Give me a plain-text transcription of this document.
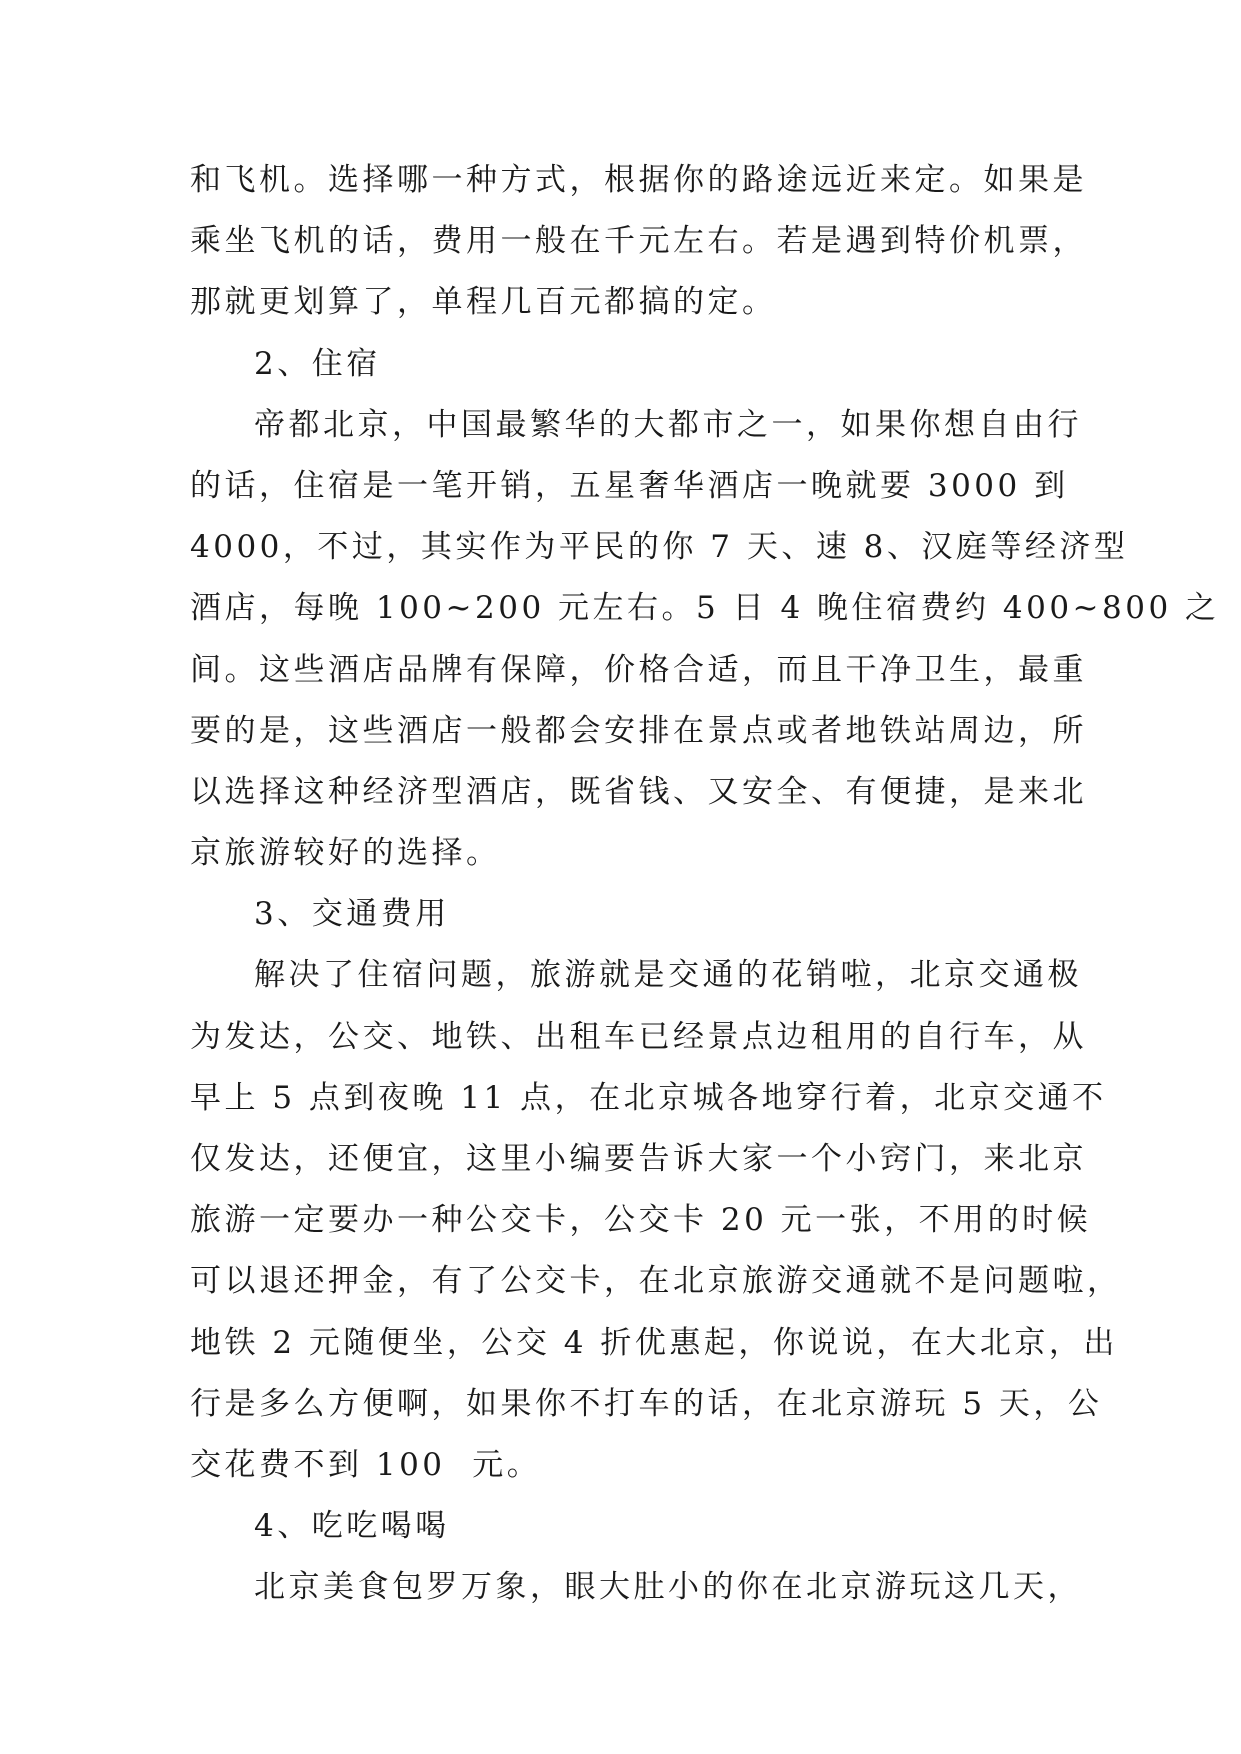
和飞机。选择哪一种方式，根据你的路途远近来定。如果是
乘坐飞机的话，费用一般在千元左右。若是遇到特价机票，
那就更划算了，单程几百元都搞的定。
2、住宿
帝都北京，中国最繁华的大都市之一，如果你想自由行
的话，住宿是一笔开销，五星奢华酒店一晚就要 3000 到
4000，不过，其实作为平民的你 7 天、速 8、汉庭等经济型
酒店，每晚 100~200 元左右。5 日 4 晚住宿费约 400~800 之
间。这些酒店品牌有保障，价格合适，而且干净卫生，最重
要的是，这些酒店一般都会安排在景点或者地铁站周边，所
以选择这种经济型酒店，既省钱、又安全、有便捷，是来北
京旅游较好的选择。
3、交通费用
解决了住宿问题，旅游就是交通的花销啦，北京交通极
为发达，公交、地铁、出租车已经景点边租用的自行车，从
早上 5 点到夜晚 11 点，在北京城各地穿行着，北京交通不
仅发达，还便宜，这里小编要告诉大家一个小窍门，来北京
旅游一定要办一种公交卡，公交卡 20 元一张，不用的时候
可以退还押金，有了公交卡，在北京旅游交通就不是问题啦，
地铁 2 元随便坐，公交 4 折优惠起，你说说，在大北京，出
行是多么方便啊，如果你不打车的话，在北京游玩 5 天，公
交花费不到 100  元。
4、吃吃喝喝
北京美食包罗万象，眼大肚小的你在北京游玩这几天，
